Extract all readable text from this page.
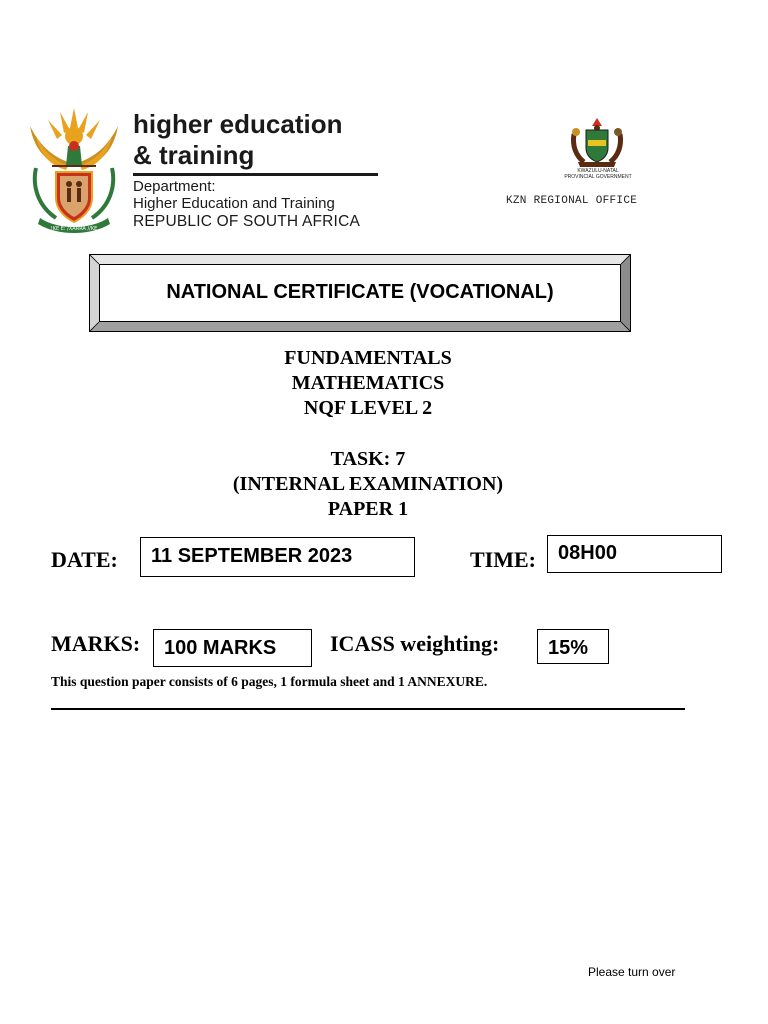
!KE E: /XARRA //KE
higher education
& training
Department:
Higher Education and Training
REPUBLIC OF SOUTH AFRICA
KWAZULU-NATAL
PROVINCIAL GOVERNMENT
KZN REGIONAL OFFICE
NATIONAL CERTIFICATE (VOCATIONAL)
FUNDAMENTALS
MATHEMATICS
NQF LEVEL 2
TASK: 7
(INTERNAL EXAMINATION)
PAPER 1
DATE:	11 SEPTEMBER 2023	TIME:	08H00
MARKS:	100 MARKS	ICASS weighting:	15%
This question paper consists of 6 pages, 1 formula sheet and 1 ANNEXURE.
Please turn over
